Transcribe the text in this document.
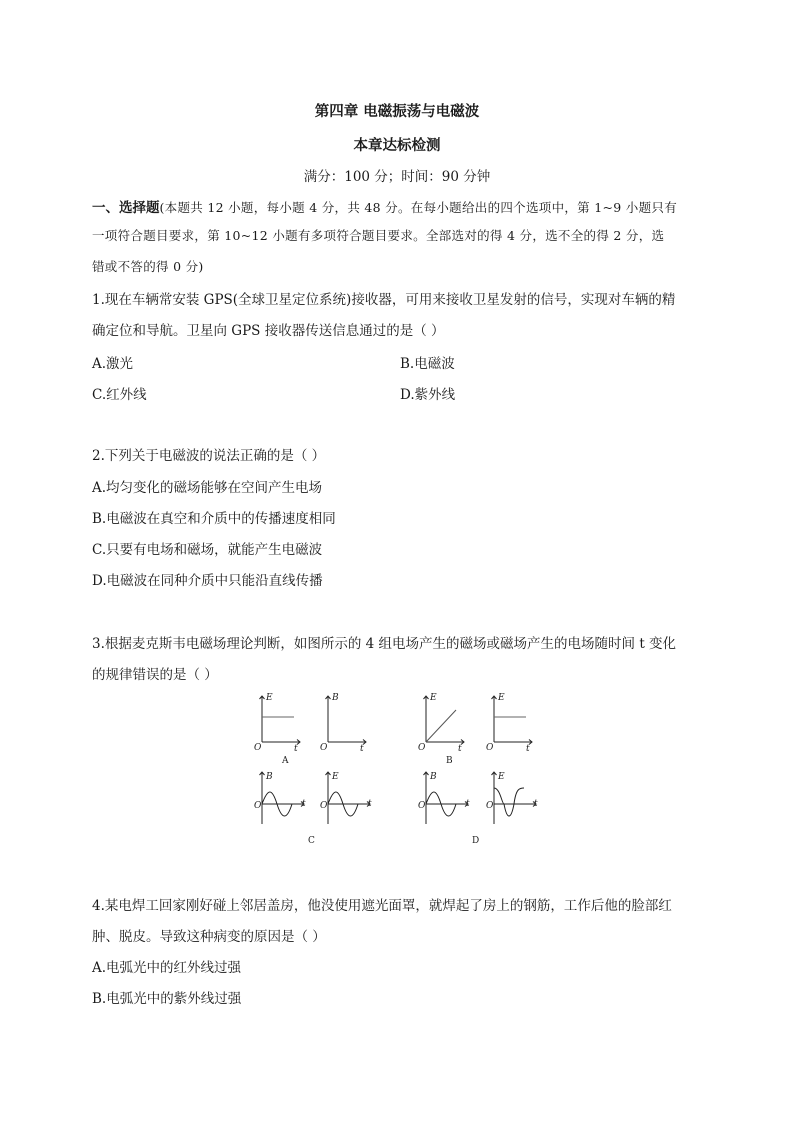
第四章 电磁振荡与电磁波
本章达标检测
满分：100 分；时间：90 分钟
一、选择题(本题共 12 小题，每小题 4 分，共 48 分。在每小题给出的四个选项中，第 1~9 小题只有
一项符合题目要求，第 10~12 小题有多项符合题目要求。全部选对的得 4 分，选不全的得 2 分，选
错或不答的得 0 分)
1.现在车辆常安装 GPS(全球卫星定位系统)接收器，可用来接收卫星发射的信号，实现对车辆的精
确定位和导航。卫星向 GPS 接收器传送信息通过的是（ ）
A.激光	B.电磁波
C.红外线	D.紫外线
2.下列关于电磁波的说法正确的是（ ）
A.均匀变化的磁场能够在空间产生电场
B.电磁波在真空和介质中的传播速度相同
C.只要有电场和磁场，就能产生电磁波
D.电磁波在同种介质中只能沿直线传播
3.根据麦克斯韦电磁场理论判断，如图所示的 4 组电场产生的磁场或磁场产生的电场随时间 t 变化
的规律错误的是（ ）
E	B	E	E
B	E	B	E
O	O	O	O
O	O	O	O
t	t	t	t
t	t	t	t
A	B
C	D
4.某电焊工回家刚好碰上邻居盖房，他没使用遮光面罩，就焊起了房上的钢筋，工作后他的脸部红
肿、脱皮。导致这种病变的原因是（ ）
A.电弧光中的红外线过强
B.电弧光中的紫外线过强
